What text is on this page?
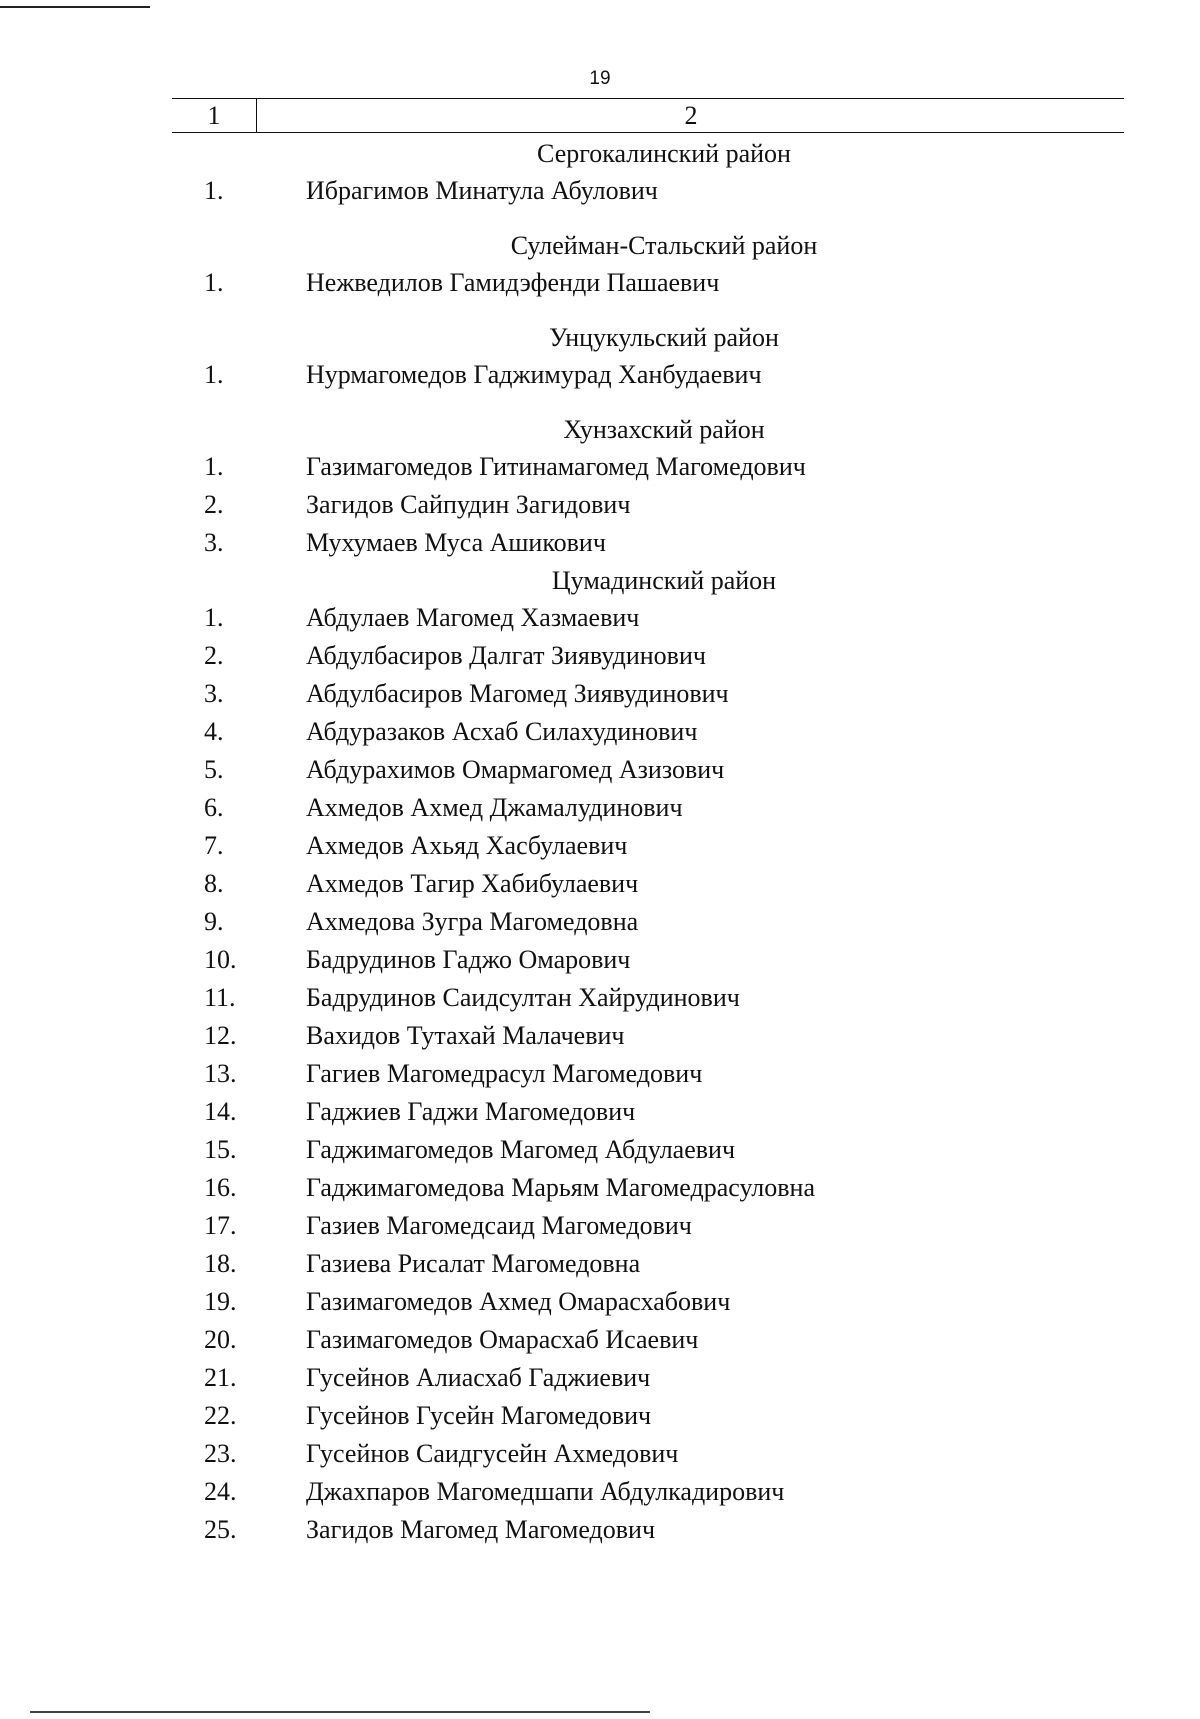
19
1	2
Сергокалинский район
1.	Ибрагимов Минатула Абулович
Сулейман-Стальский район
1.	Нежведилов Гамидэфенди Пашаевич
Унцукульский район
1.	Нурмагомедов Гаджимурад Ханбудаевич
Хунзахский район
1.	Газимагомедов Гитинамагомед Магомедович
2.	Загидов Сайпудин Загидович
3.	Мухумаев Муса Ашикович
Цумадинский район
1.	Абдулаев Магомед Хазмаевич
2.	Абдулбасиров Далгат Зиявудинович
3.	Абдулбасиров Магомед Зиявудинович
4.	Абдуразаков Асхаб Силахудинович
5.	Абдурахимов Омармагомед Азизович
6.	Ахмедов Ахмед Джамалудинович
7.	Ахмедов Ахьяд Хасбулаевич
8.	Ахмедов Тагир Хабибулаевич
9.	Ахмедова Зугра Магомедовна
10.	Бадрудинов Гаджо Омарович
11.	Бадрудинов Саидсултан Хайрудинович
12.	Вахидов Тутахай Малачевич
13.	Гагиев Магомедрасул Магомедович
14.	Гаджиев Гаджи Магомедович
15.	Гаджимагомедов Магомед Абдулаевич
16.	Гаджимагомедова Марьям Магомедрасуловна
17.	Газиев Магомедсаид Магомедович
18.	Газиева Рисалат Магомедовна
19.	Газимагомедов Ахмед Омарасхабович
20.	Газимагомедов Омарасхаб Исаевич
21.	Гусейнов Алиасхаб Гаджиевич
22.	Гусейнов Гусейн Магомедович
23.	Гусейнов Саидгусейн Ахмедович
24.	Джахпаров Магомедшапи Абдулкадирович
25.	Загидов Магомед Магомедович
